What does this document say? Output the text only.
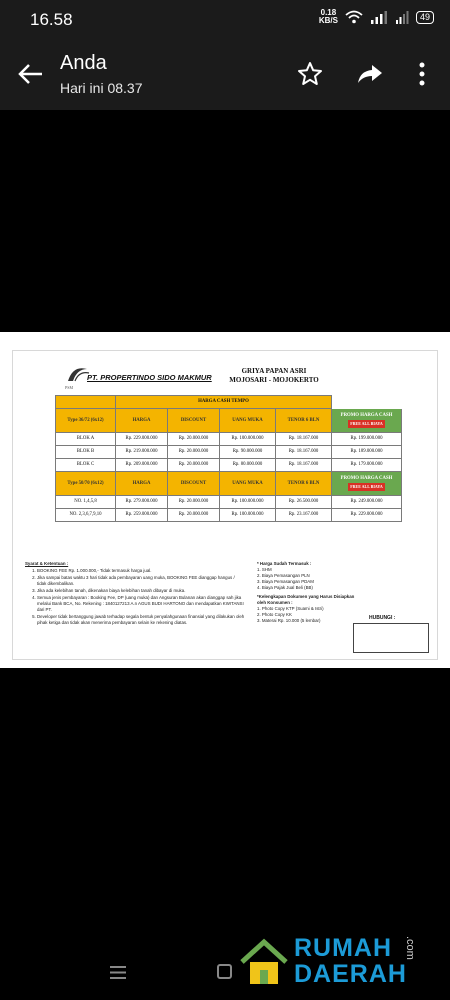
16.58	0.18
KB/S	49
Anda
Hari ini 08.37
PSM
PT. PROPERTINDO SIDO MAKMUR
GRIYA PAPAN ASRI
MOJOSARI - MOJOKERTO
	HARGA CASH TEMPO				
Type 36/72 (6x12)	HARGA	DISCOUNT	UANG MUKA	TENOR 6 BLN	PROMO HARGA CASH
FREE ALL BIAYA
BLOK A	Rp. 229.000.000	Rp. 20.000.000	Rp. 100.000.000	Rp. 18.167.000	Rp. 199.000.000
BLOK B	Rp. 219.000.000	Rp. 20.000.000	Rp. 90.000.000	Rp. 18.167.000	Rp. 189.000.000
BLOK C	Rp. 209.000.000	Rp. 20.000.000	Rp. 80.000.000	Rp. 18.167.000	Rp. 179.000.000
Type 50/70 (6x12)	HARGA	DISCOUNT	UANG MUKA	TENOR 6 BLN	PROMO HARGA CASH
FREE ALL BIAYA
NO. 1,4,5,8	Rp. 279.000.000	Rp. 20.000.000	Rp. 100.000.000	Rp. 26.500.000	Rp. 249.000.000
NO. 2,3,6,7,9,10	Rp. 259.000.000	Rp. 20.000.000	Rp. 100.000.000	Rp. 23.167.000	Rp. 229.000.000
Syarat & Ketentuan :
1. BOOKING FEE Rp. 1.000.000,- Tidak termasuk harga jual.
2. Jika sampai batas waktu 3 hari tidak ada pembayaran uang muka, BOOKING FEE dianggap hangus / tidak dikembalikan.
3. Jika ada kelebihan tanah, dikenakan biaya kelebihan tanah dibayar di muka.
4. Semua jenis pembayaran : Booking Fee, DP (uang muka) dan Angsuran Bulanan akan dianggap sah jika melalui Bank BCA, No. Rekening : 1840127213 A.n AGUS BUDI HARTONO dan mendapatkan KWITANSI dari PT.
5. Developer tidak bertanggung jawab terhadap segala bentuk penyalahgunaan finansial yang dilakukan oleh pihak ketiga dan tidak akan menerima pembayaran selain ke rekening diatas.
* Harga Sudah Termasuk :
1. SHM
2. Biaya Pemasangan PLN
3. Biaya Pemasangan PDAM
4. Biaya Pajak Jual Beli (BB)
*Kelengkapan Dokumen yang Harus Disiapkan oleh Konsumen :
1. Photo Copy KTP (Suami & Istri)
2. Photo Copy KK
3. Materai Rp. 10.000 (5 lembar)	HUBUNGI :
RUMAH
DAERAH
.com
